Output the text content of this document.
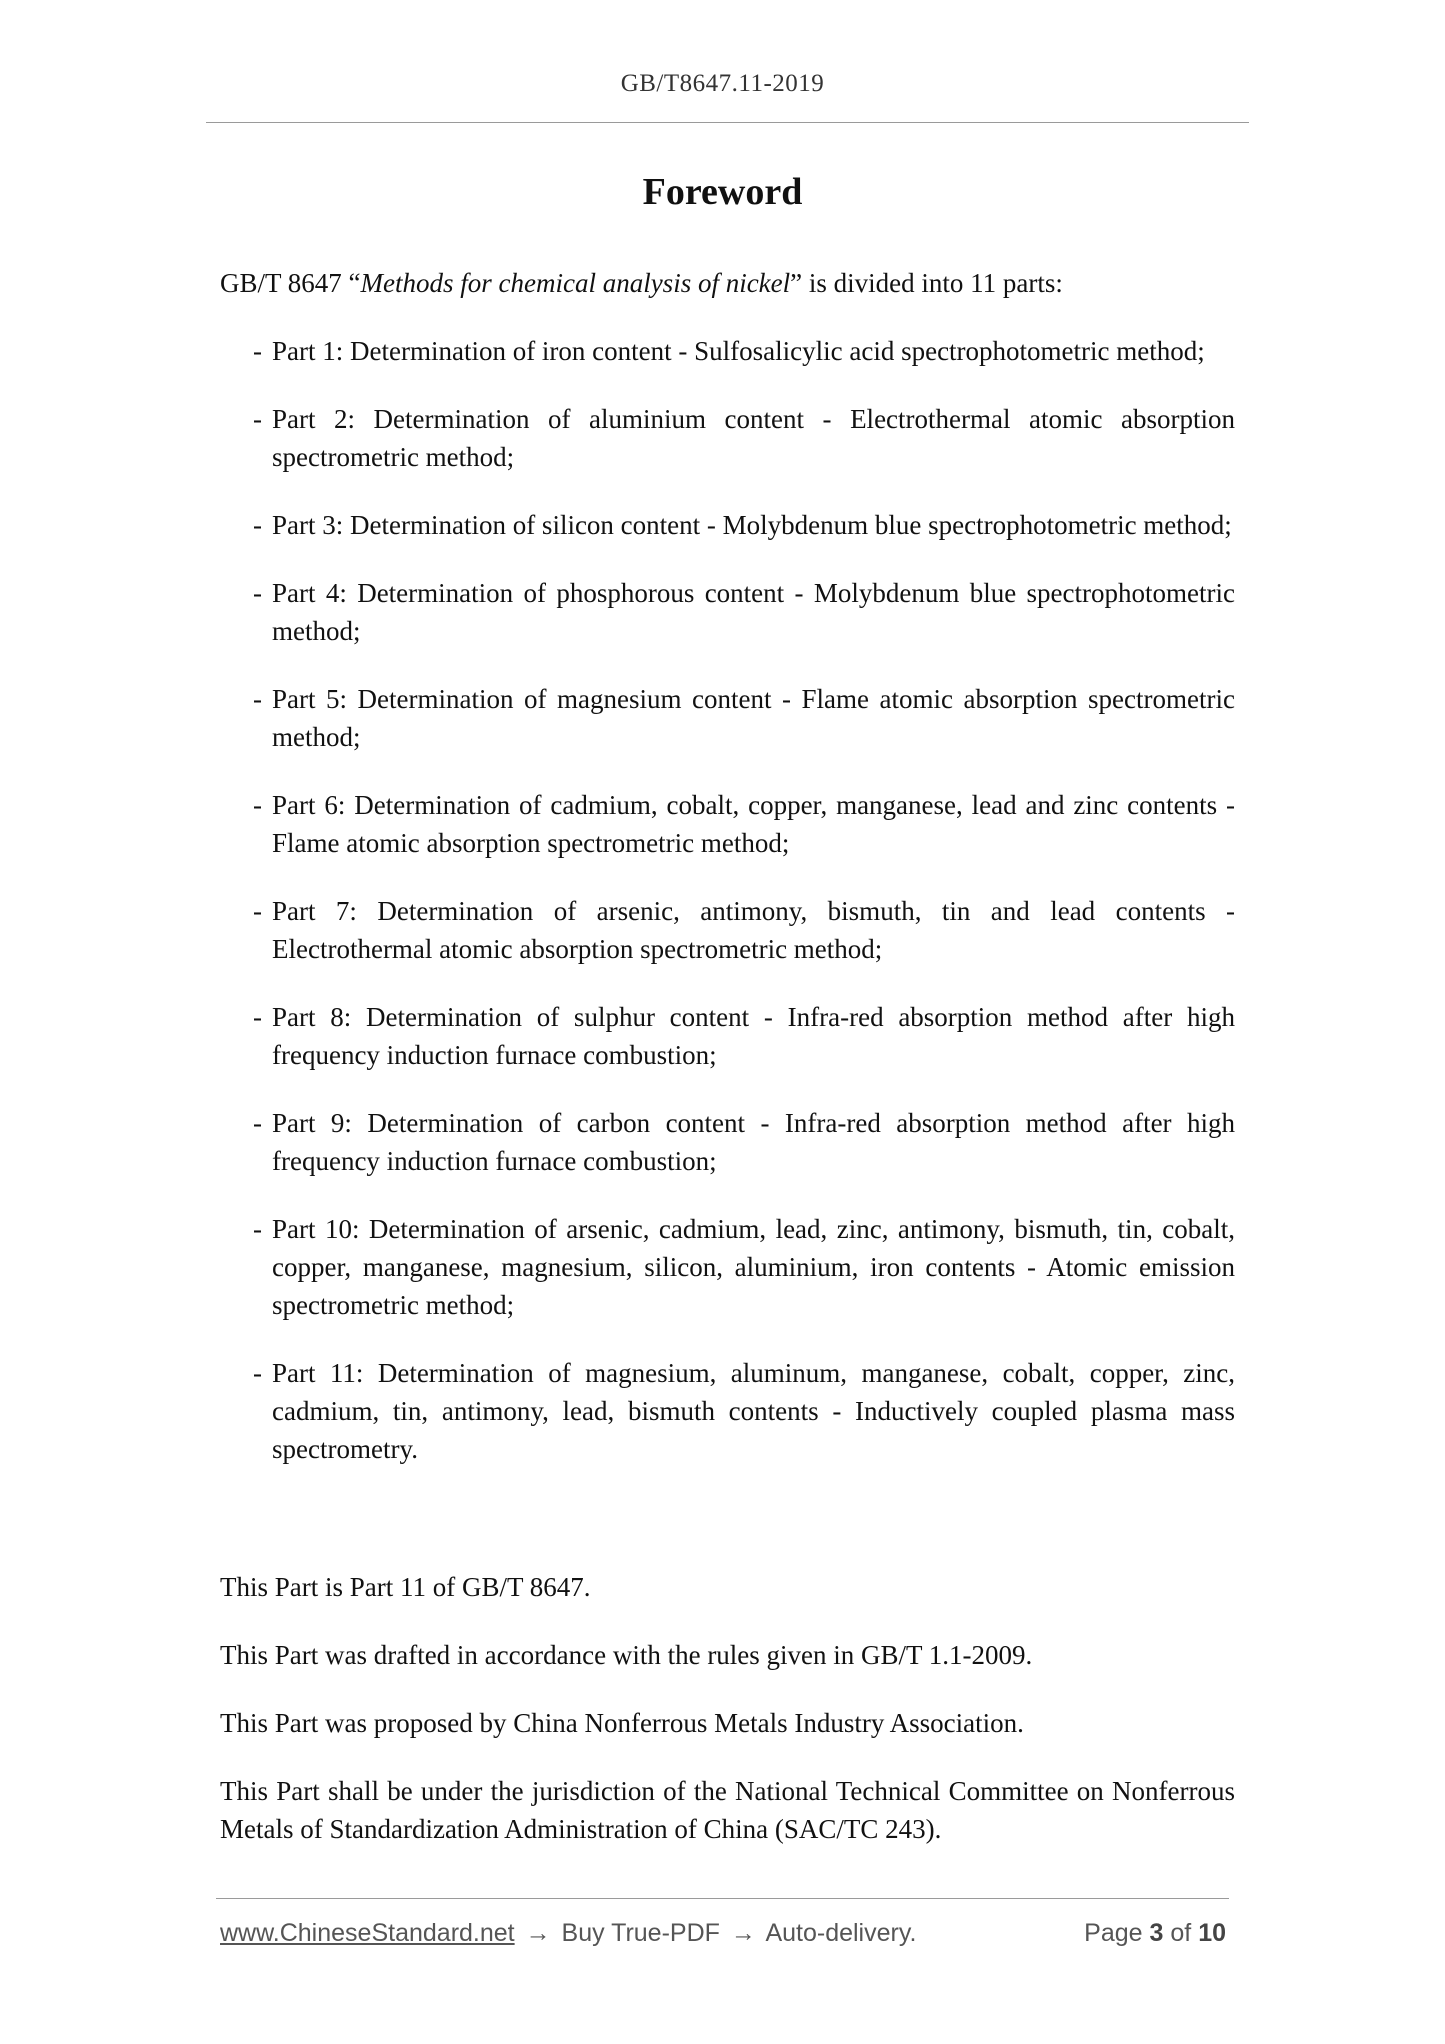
GB/T8647.11-2019
Foreword
GB/T 8647 “Methods for chemical analysis of nickel” is divided into 11 parts:
- Part 1: Determination of iron content - Sulfosalicylic acid spectrophotometric method;
- Part 2: Determination of aluminium content - Electrothermal atomic absorption spectrometric method;
- Part 3: Determination of silicon content - Molybdenum blue spectrophotometric method;
- Part 4: Determination of phosphorous content - Molybdenum blue spectrophotometric method;
- Part 5: Determination of magnesium content - Flame atomic absorption spectrometric method;
- Part 6: Determination of cadmium, cobalt, copper, manganese, lead and zinc contents - Flame atomic absorption spectrometric method;
- Part 7: Determination of arsenic, antimony, bismuth, tin and lead contents - Electrothermal atomic absorption spectrometric method;
- Part 8: Determination of sulphur content - Infra-red absorption method after high frequency induction furnace combustion;
- Part 9: Determination of carbon content - Infra-red absorption method after high frequency induction furnace combustion;
- Part 10: Determination of arsenic, cadmium, lead, zinc, antimony, bismuth, tin, cobalt, copper, manganese, magnesium, silicon, aluminium, iron contents - Atomic emission spectrometric method;
- Part 11: Determination of magnesium, aluminum, manganese, cobalt, copper, zinc, cadmium, tin, antimony, lead, bismuth contents - Inductively coupled plasma mass spectrometry.

This Part is Part 11 of GB/T 8647.

This Part was drafted in accordance with the rules given in GB/T 1.1-2009.

This Part was proposed by China Nonferrous Metals Industry Association.

This Part shall be under the jurisdiction of the National Technical Committee on Nonferrous Metals of Standardization Administration of China (SAC/TC 243).

www.ChineseStandard.net → Buy True-PDF → Auto-delivery.	Page 3 of 10
